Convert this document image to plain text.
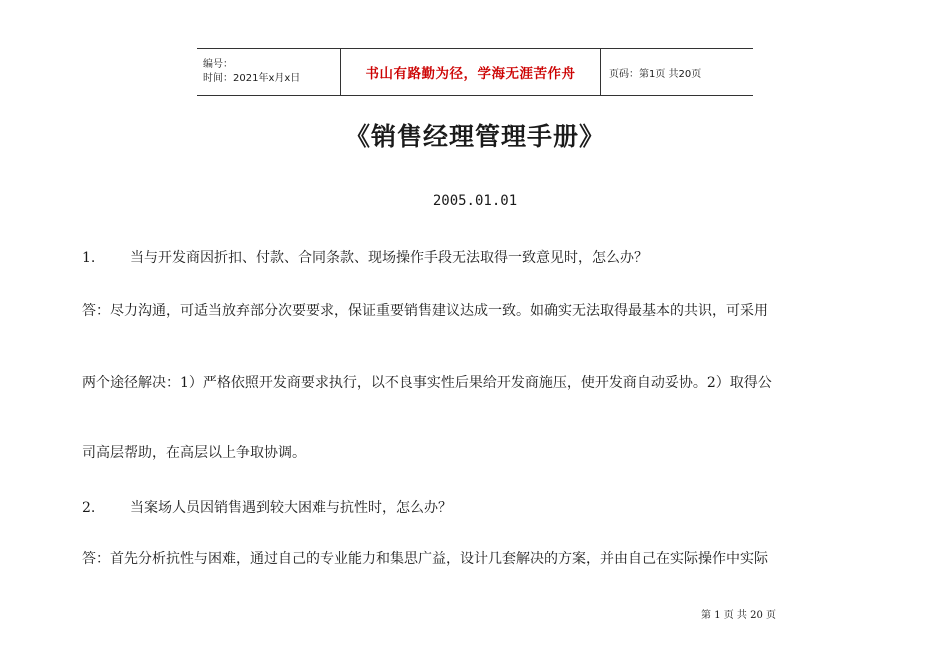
编号：
时间：2021年x月x日	书山有路勤为径，学海无涯苦作舟	页码：第1页 共20页
《销售经理管理手册》

2005.01.01

1. 当与开发商因折扣、付款、合同条款、现场操作手段无法取得一致意见时，怎么办？

答：尽力沟通，可适当放弃部分次要要求，保证重要销售建议达成一致。如确实无法取得最基本的共识，可采用

两个途径解决：1）严格依照开发商要求执行，以不良事实性后果给开发商施压，使开发商自动妥协。2）取得公

司高层帮助，在高层以上争取协调。

2. 当案场人员因销售遇到较大困难与抗性时，怎么办？

答：首先分析抗性与困难，通过自己的专业能力和集思广益，设计几套解决的方案，并由自己在实际操作中实际

第 1 页 共 20 页
